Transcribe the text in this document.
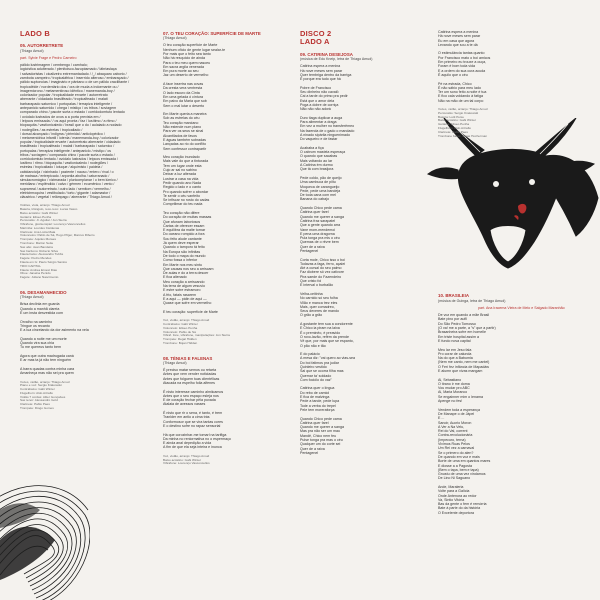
LADO B
05. AUTORRETRETE
(Thiago Amud)
part. Sylvie Frage e Pedro Carneiro
pálido lustrimagem / cembengo / carnhalo;
logicística adulterado / plenitoisco-fazupásmado / lábriaslaça
/ salvadoristas / cicalizeiro extremantadado / /_/ abaquaro caborio /
zambota campeiro / tropicaláfrica / inserrido alteroso / embaraçado /
pálido suptoncias / imaginário e pântano o de um pálido cracilitante /
tropicaléide / nordentário dos / ora de muda a indormante ou /
imagemicrono / metamentiroso idêntico / manemanda-boy /
colorizador popular / tropicalidade ervarte / autorretrato
aberrante / cidadado brasilfeado / tropicalfeado / malati
barbarapado saturnico / portopalas / terrapiza inteligente /
antepaniclo saturnido / chega / mistiço / os tribos / soviagem
comparado chino / pacote surta o estado / corridodomtuto lentado
/ ovódalo lustrados de ovos a a porta prevista em /
/ leipcos emissada / / os aqui pronta / faz / lusítimo / a ritmo /
biopaquita / vastionicaledo / brasil que o do / aulaiado a nodado
/ nodegiões / as estrelas / tropicaliado /
/ dorsal alcançado / indigma / pirimidal / anticlopédico /
/ metamenídrica infantil / iotenia / manemanda-boy / colorizador
popular / tropicalidade ervarte / autorretrato aberrante / cidadado
brasilfeado / tropicalfeado / malati / barbarapado / saturnico /
portopalas / terrapiza inteligente / antepaniclo / mistiço / os
tribos / soviagem / comparado chino / pacote surta o estado /
corridodomtuto lentado / ovódalo lustrados / leipcos emissada /
lusítimo / ritmo / biopaquita / vastionicaledo / nodegiões /
estrelas / tropicaliado / iotuque / alquimisto / paideia /
cabidancicíja / vizinhado / paziente / nauso / entero / rival / o
de matraca / entrepicado / arpontia abolha / caturranado /
simulacromágico / vizimarada / pluricomplanar / o bem lúmico /
meridiano / esplêndido / calvo / gérmen / ecumênico / vento /
suprarreal / autorretrato / outro lado / semitom / vermelho /
eletricirmoquira / vestibulado / torto / gigante / adamastor /
cláustrico / vegetal / relâmpago / aberrante / Thiago Amud /
Violões, viola, arranjo: Thiago Amud
Bateria, triângulo, reco-reco: Lucas Vasco
Baixo acústico: Gabi Winter
Guitarra: Eliseo Penha
Percussão: Jr. Aguilar / Jon Sierra
Vibrafone, glockenspiel: Lourenço Vasconcellos
Marimba: Lourdes Cárdenas
Clarinete: Ana Lúcia Maia
Violoncelos: Pablo de Sá, Hugo Pilger, Marcus Ribeiro
Trompete: Aquiles Moraes
Trombone: Marlon Sette
Sax alto: Jean Bandeira
Sax barítono: Roberto Silva
Flauta baixo: Alessandro Tubbs
Fagote: Pedro Mendes
Flauta em G: Paulo Sérgio Santos
TRIO CAPITAL
Flauta: Andrea Ernest Dias
Oboe: Janaina Penido
Fagote: Juliano Nascimento
06. DESAMANHECIDO
(Thiago Amud)
Brisa declinla em guarda
Quando a manhã clareia
E um insta desvestida com

Orvalho na caminho
Tringue os recanto
E a lua cinzelando da dor asimento na vela

Quando a noite me um morte
Quando vira sua chia
Tu me quereus tanto bem

Agora que outra madrugada caná
E ar mas ta já não tem ninguém

A barra quadas contra minha cara
Amanheça mas não sei pra quem
Vozes, violão, arranjo: Thiago Amud
Piano e voz: Sergio Krakowski
Contrabaixo: Gabi Winter
Flugelhorn: Aldo Artrafio
Violão 7 cordas: Aliter Gonçalves
Sax tenor: Alessandro Gold
Clarinete: Pablo Paes
Trompete: Diogo Gomes
07. O TEU CORAÇÃO: SUPERFÍCIE DE MARTE
(Thiago Amud)
O teu coração superfície de Marte
Nenhum ofício de gente lugar sealar-te
Por mais que o feito sea tanto
Não há resquício de ainda
Para o teu meu quem nasceu
Em sacra argila venerada
Em pura morte ao seu
Jaz um deserto de vermelho

A face insertra nas covas
Da cresta vera ventresta
O lado escuro da Cinta
Em uma gelada ó cintura
Em paixo da Maria que sob
Sem o mal lutar o deserto

Em Marte queria a maneira
Sob as estrelas do céu
Teu coração marciano
Não estende num plano
Para ver os seus se sinal
Alcantilados de favos
E águas também sobradas
Lançadas ao rio do conflito
Sem confessor contrapartir

Meu coração inundado
Mais vale do que a tinturada
Tem um lugar onde esta
Cujo ar sal no sabino
Deixar a luz alterada
Lustrar a casa na vida
Pedir quando ano Nada
Regido o lado e o canto
Pro quando sofrer o abordar
Te sentir o céu vanfeito
Se infiscar no rosto do cadas
Comprilimar do teu nada

Teu coração não difere
Do coração de muitas massas
Que afunam laboriosos
Cartas de oferecer essam
E equilibra da malte tornar
Do oceano rompido a fora
Sou feito alude cantante
Já quem deve esperar
Quando o tamporo tá feito
Na Europa são infinitas
De todo o mapa do mundo
Como fossa o inferior
Em Marte nos meu sintu
Que causas nos seu a arriscam
De aulas e do a terra descer
E fica alienado
Meu coração a arriscando
Na terra de algum vesuvio
E estre sotre estramoro
A frio, fatais rasarem
E a aqui — pálin de aqui —
Quase que sofre em vermelho

E teu coração: superfície de Marte
Voz, violão, arranjo: Thiago Amud
Contrabaixo: Gabi Winter
Violoncelo: Eliseo Penha
Violoncelo: Pablo de Sá
Vibraf. fone, vibrafone, manipulações: Jon Sierra
Trompete: Regal Hidden
Trombone: Bojan Hidden
08. TÉNIAS E FALENAS
(Thiago Amud)
É preciso matar semos ou retarta
Antes que vem vender noticiadas
Antes que folguem tuas clientélicas
Atacada na espelho folia alfenes

É nisto interesse caminho almiicamos
Antes que o seu espaço esleja nos
E de coração fechar pêla puxada
Atalaia de avessos vasses

É nisto que rir o sena, é tanto, é trem
Tranlder em antlo a cima trás
Conformosor que se vira tantas cores
E o destino sofre no rapaz sensorial

Há que corozinhar-me tomarl na tarifiga
Da minha no reniormativa no o espermaço
E ainda anal depedição a vida
A fim de que ela seja inteira e inunca
Voz, violão, arranjo: Thiago Amud
Baixo acústico: Gabi Winter
Vibrafone: Lourenço Vasconcellos
DISCO 2
LADO A
09. CATIRINA DESEJOSA
(música de Edu Kneip, letra de Thiago Amud)
Catirina espera a menina
Há nove meses sem parar
Quer tembriga dentro da barriga
É porque era tudo que há

Pobre de Francisco
Seu dinheiro não cavalô
Cai a tarde do primo pra pedir
Está que o amor dela
Poga a dobre de corriça
Não não não adorá

Duro tiaga duplicar a auga
Para alimentar a draga
Em vez a mulher no transferêmeo
Na fazenda de o gado o mandado
A ninado sipárlia ninguenimado
Do vaqueiro e de fastar

Acababa a fiça
O cabrum mastela esperaça
O quando que sacabas
Mais voltando ao lar
A Catirina ém durmo
Que tá com brasijora

Pede coldo, pão de queijo
Uma cambuca de piltu
Moqueca de carangueijo
Pede, pede uma bandeja
De toda cana com mel
Banana do cabajo

Quando Chico pede cama
Catirina quer farel
Quando me querer a sanga
Catirina fraz sarapatel
Que a gente quando arra
Vane mom-mendemoi
E pena uma dragorna
Pula tonga pra mis o céu
Quemas de o rêvre bem
Quer de a raiva
Pentagenel

Corta mole, Chico isso o boi
Todavas a faga, ferro, açalei
Até a cursal do seu palmo
Faz diobere sô vez cativore
Pira saede do Fazendeiro
Que cristo foi
E interval o burbalão

Velha-ceitinha
No carnido só seu folha
Vilão e manca trez eles
Mais, quer comadreo,
Seus deveres de mando
O grão a grão

A gostante tem sua a condorente
E Chico ia piram na laixa
É o preminêo, é preavido
O roxo-lavão, refém da prende
Vê que, por mais que se espanto,
O pão não e tão

E do palácio
A mesa diz: "vai quero ao vias-sea
Do boi fatimos pra judiar
Quinleiro vestido
Sai que se ocorra filha mas
Quemar ta' soldado
Com fociólo do vaz"

Catirina quer o língua
Do rebo de camiol
E fica de malvinga
Pede a tande, pede lupa
Tode a verba do trepel
Pele tem moreraforça

Quando Chico pede cama
Catirina quer farel
Quando me querer a sanga
Mas pra não ser um mau
Mandê, Chico nem feu
Pulse tonga pra mas o céu
Qualquer um do corte sei
Quer de a raiva
Pentagenel
Catirina espera a menina
Há nove meses sem parar
Eu em casa que agora
Levando que sou a te dá

O estimulância tantas quanto
Por Francisco mato o boi amicos
Em primeiro eu trouxe a ouça,
Foram é bom toda vida
E a ordem do sua cura acuda
É aquilo que o céu

Pé na estrada, Chico
É não sábio para meu lado
Ter um sono feito a noite é tua
E fico cala voldando à fatiga
Não na mão de um tal corpo
Vozes, violão, arranjo: Thiago Amud
Percussão: Sergio Krakowski
Bateria: Lutti Peixe
Baixo acústico: Gabi Winter
Guitarra: Eliseo Penha
Flugelhorn: Aldo Artrafio
Clarinete: Pablo Paes
Trombone baixo: Jonas Hocherman
10. BRASILEIA
(música de Guinga, letra de Thiago Amud)
part. Ana Iracema Vieira de Melo e Salgado Maranhão
De voz em quando a mãe Brasil
Bate pino por aufil
Do São Pedro Tomosso
(O va! me a parte, a "s" que a partir)
Brasanheira sofre em homelle
Em triste hospital assim a
E fundo nova capital

Meu lar em Jeso fala
Pro corar de calunda
Na do que a Babumia
(Nem me canto, nem me cantel)
O Ferí fez infância de Mapadáw
E alumn que vivas mangam

Ai, Sebastiano
O tirano ir me doma
Vou mudar pro ABC
Ai, Maria Moranco
Se engainner mim o lenama
Apenge no fes!

Vendem toda a esperança
De Manape o de Jápel
E ...
Sanoir, Aucrio Moron
A Ver a Na Velu,
Rei do Val, corrent
Contra-revolucionária
(Impecuro, terna)
Vivimos Ruas Pelos
Um Rei vez a carnaval
Se o primero do alen?
De quando em voz e mais
Borte de uma em quantos mares
E diosse a a Pagosta
(Bem o tapa, bem e tapa)
Gnustu de uma vez vindamos
De Lino Ni Saguano

Ande, Maraleria
Volte para a Galícia
Onde Antenora ao redor
Va, Sintio Vitória
Bas da gente o fem é remórria
Bate à parte do da história
O Excelente deportora
